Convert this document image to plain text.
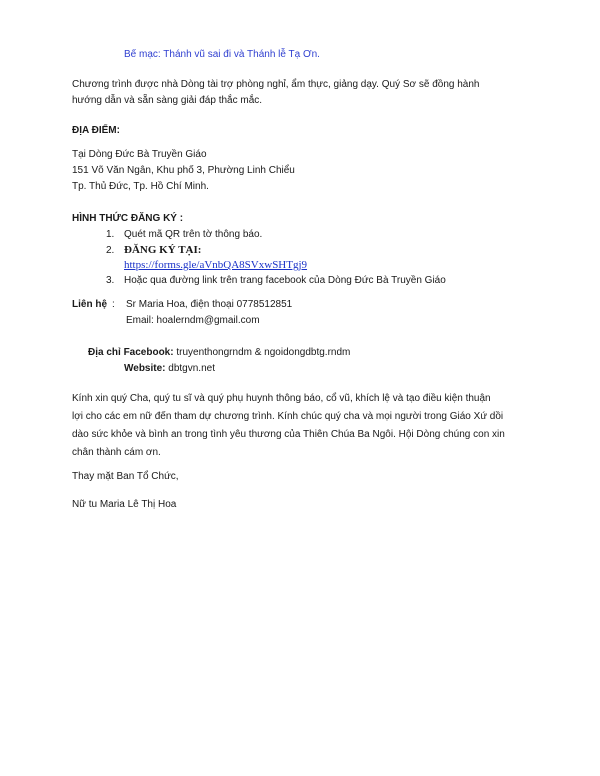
Bế mạc: Thánh vũ sai đi và Thánh lễ Tạ Ơn.
Chương trình được nhà Dòng tài trợ phòng nghỉ, ẩm thực, giảng dạy. Quý Sơ sẽ đồng hành
hướng dẫn và sẵn sàng giải đáp thắc mắc.
ĐỊA ĐIỂM:
Tại Dòng Đức Bà Truyền Giáo
151 Võ Văn Ngân, Khu phố 3, Phường Linh Chiểu
Tp. Thủ Đức, Tp. Hồ Chí Minh.
HÌNH THỨC ĐĂNG KÝ :
1. Quét mã QR trên tờ thông báo.
2. ĐĂNG KÝ TẠI:
https://forms.gle/aVnbQA8SVxwSHTgj9
3. Hoặc qua đường link trên trang facebook của Dòng Đức Bà Truyền Giáo
Liên hệ : Sr Maria Hoa, điện thoại 0778512851
Email: hoalerndm@gmail.com
Địa chỉ Facebook: truyenthongrndm & ngoidongdbtg.rndm
Website: dbtgvn.net
Kính xin quý Cha, quý tu sĩ và quý phụ huynh thông báo, cổ vũ, khích lệ và tạo điều kiện thuận
lợi cho các em nữ đến tham dự chương trình. Kính chúc quý cha và mọi người trong Giáo Xứ dồi
dào sức khỏe và bình an trong tình yêu thương của Thiên Chúa Ba Ngôi. Hội Dòng chúng con xin
chân thành cám ơn.
Thay mặt Ban Tổ Chức,
Nữ tu Maria Lê Thị Hoa
